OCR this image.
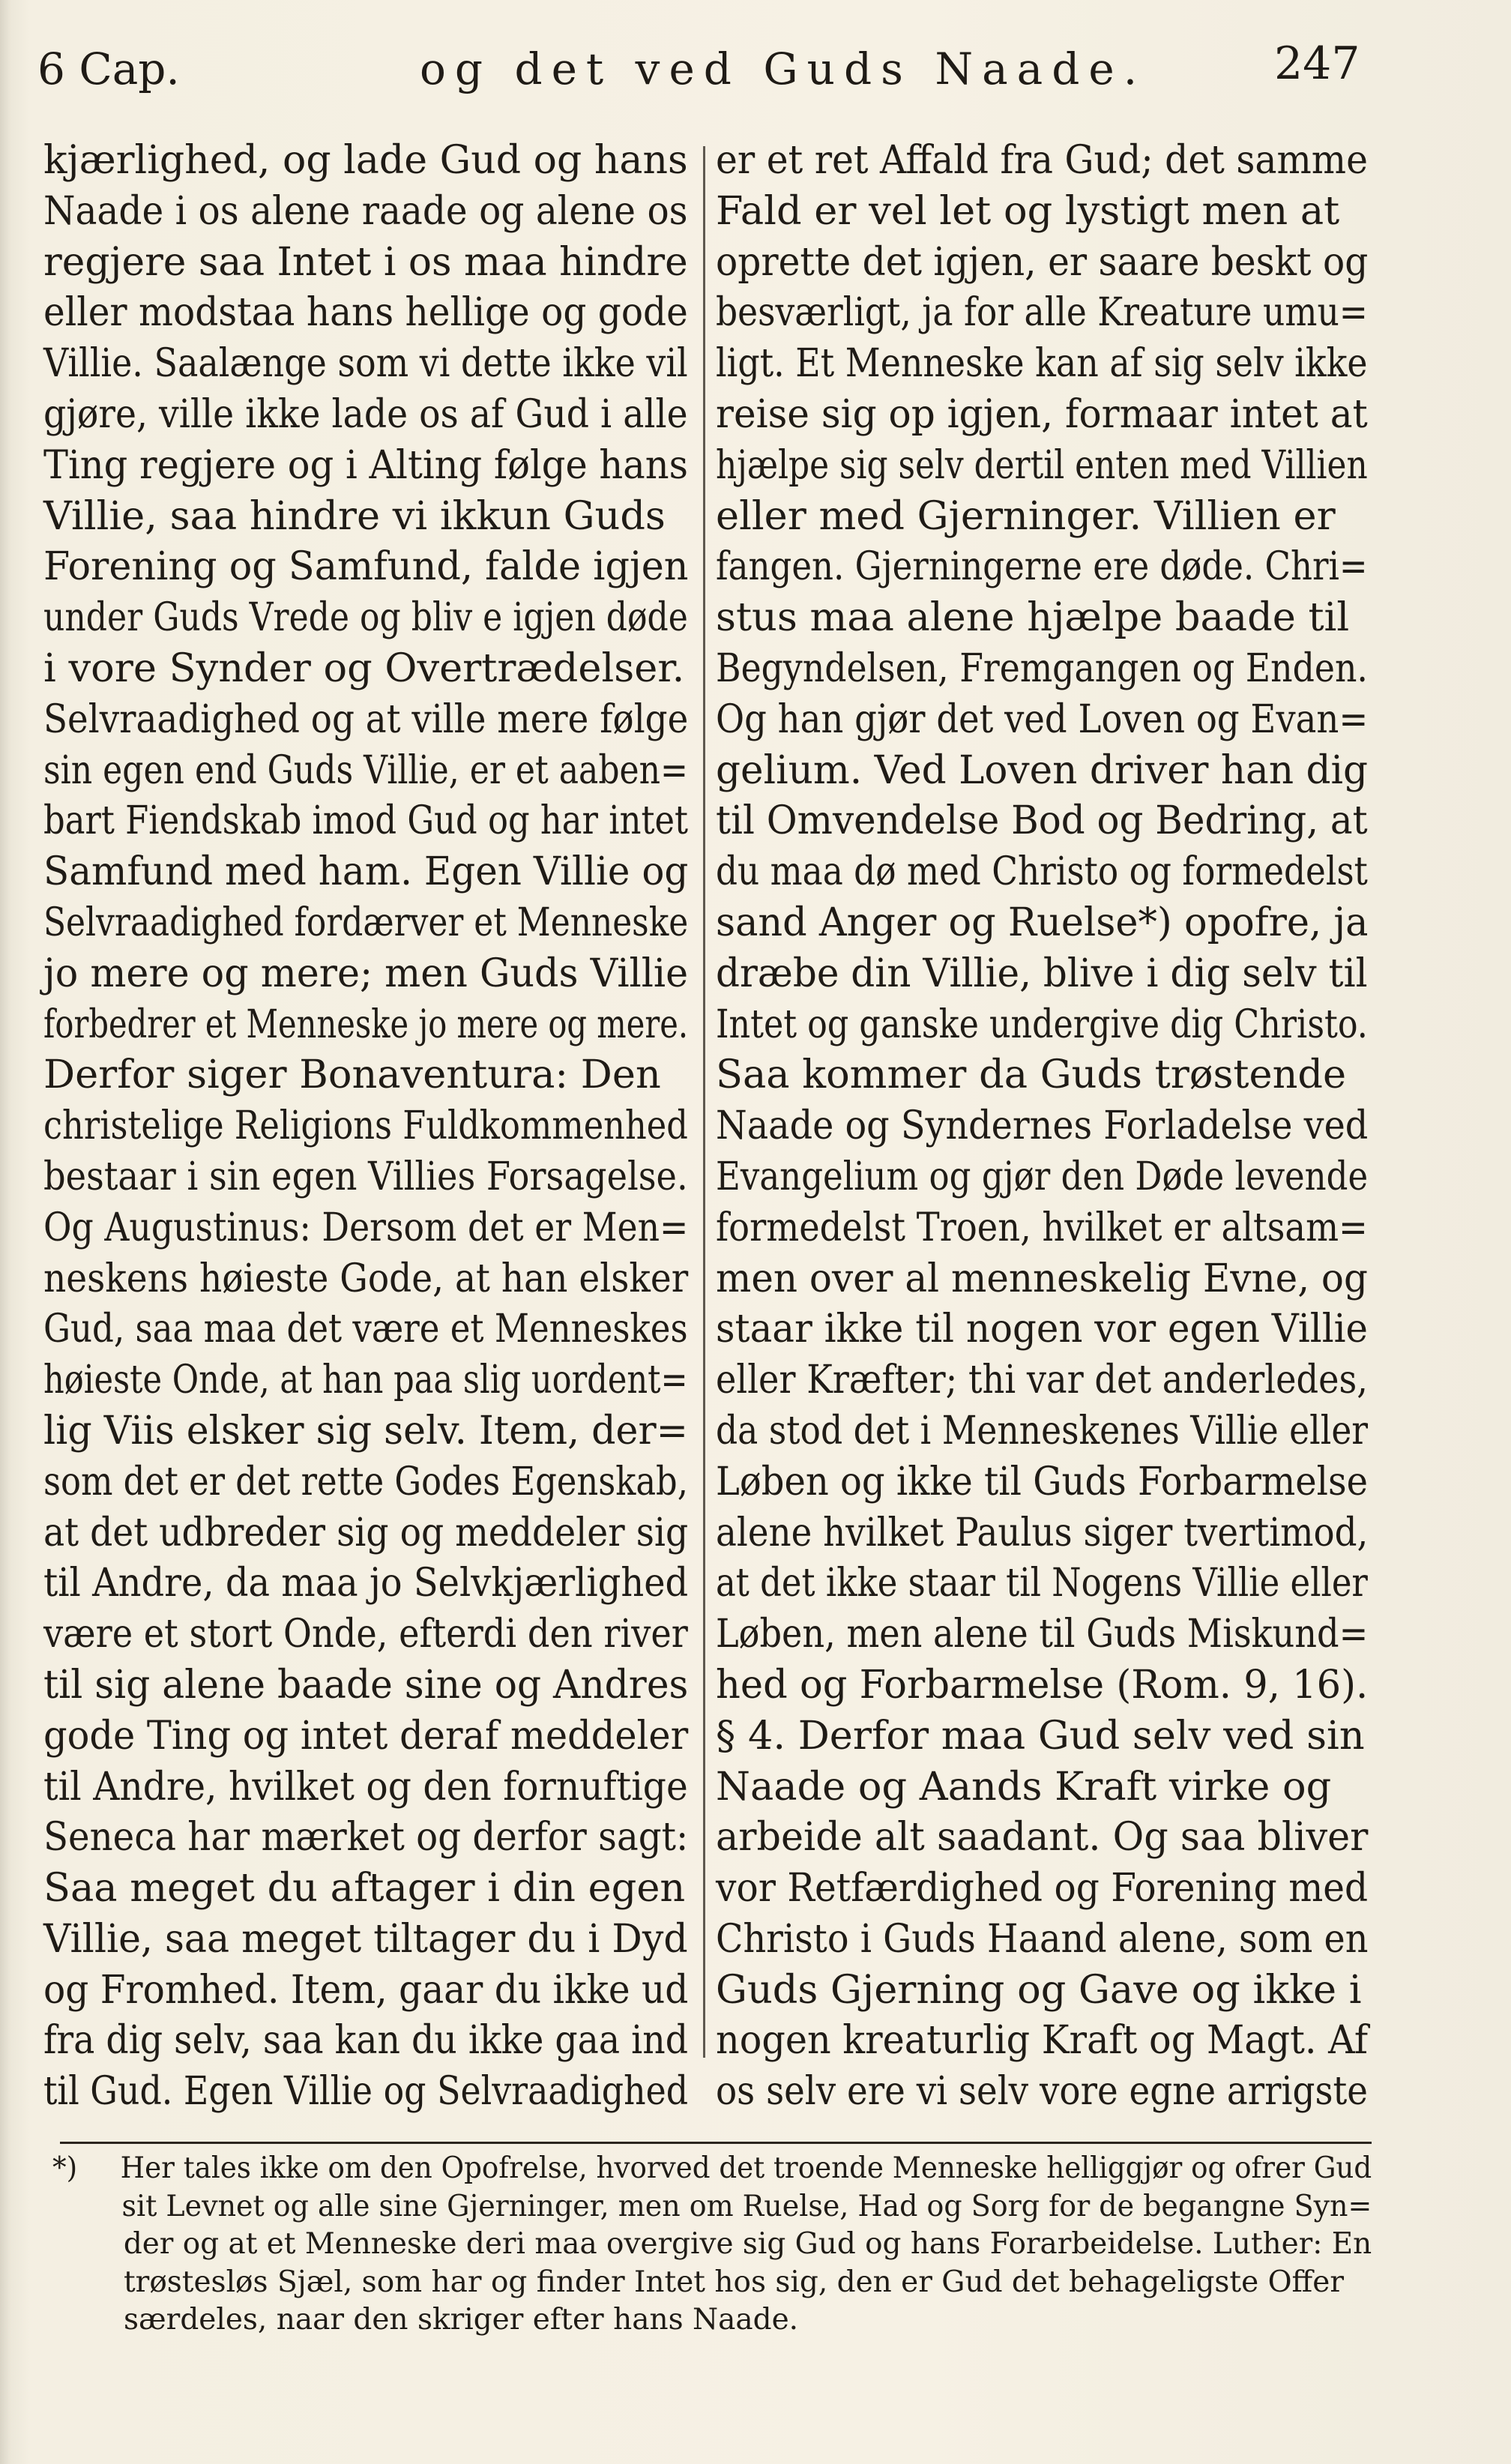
6 Cap.	og det ved Guds Naade.	247
kjærlighed, og lade Gud og hans
Naade i os alene raade og alene os
regjere saa Intet i os maa hindre
eller modstaa hans hellige og gode
Villie. Saalænge som vi dette ikke vil
gjøre, ville ikke lade os af Gud i alle
Ting regjere og i Alting følge hans
Villie, saa hindre vi ikkun Guds
Forening og Samfund, falde igjen
under Guds Vrede og bliv e igjen døde
i vore Synder og Overtrædelser.
Selvraadighed og at ville mere følge
sin egen end Guds Villie, er et aaben=
bart Fiendskab imod Gud og har intet
Samfund med ham. Egen Villie og
Selvraadighed fordærver et Menneske
jo mere og mere; men Guds Villie
forbedrer et Menneske jo mere og mere.
Derfor siger Bonaventura: Den
christelige Religions Fuldkommenhed
bestaar i sin egen Villies Forsagelse.
Og Augustinus: Dersom det er Men=
neskens høieste Gode, at han elsker
Gud, saa maa det være et Menneskes
høieste Onde, at han paa slig uordent=
lig Viis elsker sig selv. Item, der=
som det er det rette Godes Egenskab,
at det udbreder sig og meddeler sig
til Andre, da maa jo Selvkjærlighed
være et stort Onde, efterdi den river
til sig alene baade sine og Andres
gode Ting og intet deraf meddeler
til Andre, hvilket og den fornuftige
Seneca har mærket og derfor sagt:
Saa meget du aftager i din egen
Villie, saa meget tiltager du i Dyd
og Fromhed. Item, gaar du ikke ud
fra dig selv, saa kan du ikke gaa ind
til Gud. Egen Villie og Selvraadighed
er et ret Affald fra Gud; det samme
Fald er vel let og lystigt men at
oprette det igjen, er saare beskt og
besværligt, ja for alle Kreature umu=
ligt. Et Menneske kan af sig selv ikke
reise sig op igjen, formaar intet at
hjælpe sig selv dertil enten med Villien
eller med Gjerninger. Villien er
fangen. Gjerningerne ere døde. Chri=
stus maa alene hjælpe baade til
Begyndelsen, Fremgangen og Enden.
Og han gjør det ved Loven og Evan=
gelium. Ved Loven driver han dig
til Omvendelse Bod og Bedring, at
du maa dø med Christo og formedelst
sand Anger og Ruelse*) opofre, ja
dræbe din Villie, blive i dig selv til
Intet og ganske undergive dig Christo.
Saa kommer da Guds trøstende
Naade og Syndernes Forladelse ved
Evangelium og gjør den Døde levende
formedelst Troen, hvilket er altsam=
men over al menneskelig Evne, og
staar ikke til nogen vor egen Villie
eller Kræfter; thi var det anderledes,
da stod det i Menneskenes Villie eller
Løben og ikke til Guds Forbarmelse
alene hvilket Paulus siger tvertimod,
at det ikke staar til Nogens Villie eller
Løben, men alene til Guds Miskund=
hed og Forbarmelse (Rom. 9, 16).
§ 4. Derfor maa Gud selv ved sin
Naade og Aands Kraft virke og
arbeide alt saadant. Og saa bliver
vor Retfærdighed og Forening med
Christo i Guds Haand alene, som en
Guds Gjerning og Gave og ikke i
nogen kreaturlig Kraft og Magt. Af
os selv ere vi selv vore egne arrigste
*) Her tales ikke om den Opofrelse, hvorved det troende Menneske helliggjør og ofrer Gud
sit Levnet og alle sine Gjerninger, men om Ruelse, Had og Sorg for de begangne Syn=
der og at et Menneske deri maa overgive sig Gud og hans Forarbeidelse. Luther: En
trøstesløs Sjæl, som har og finder Intet hos sig, den er Gud det behageligste Offer
særdeles, naar den skriger efter hans Naade.
